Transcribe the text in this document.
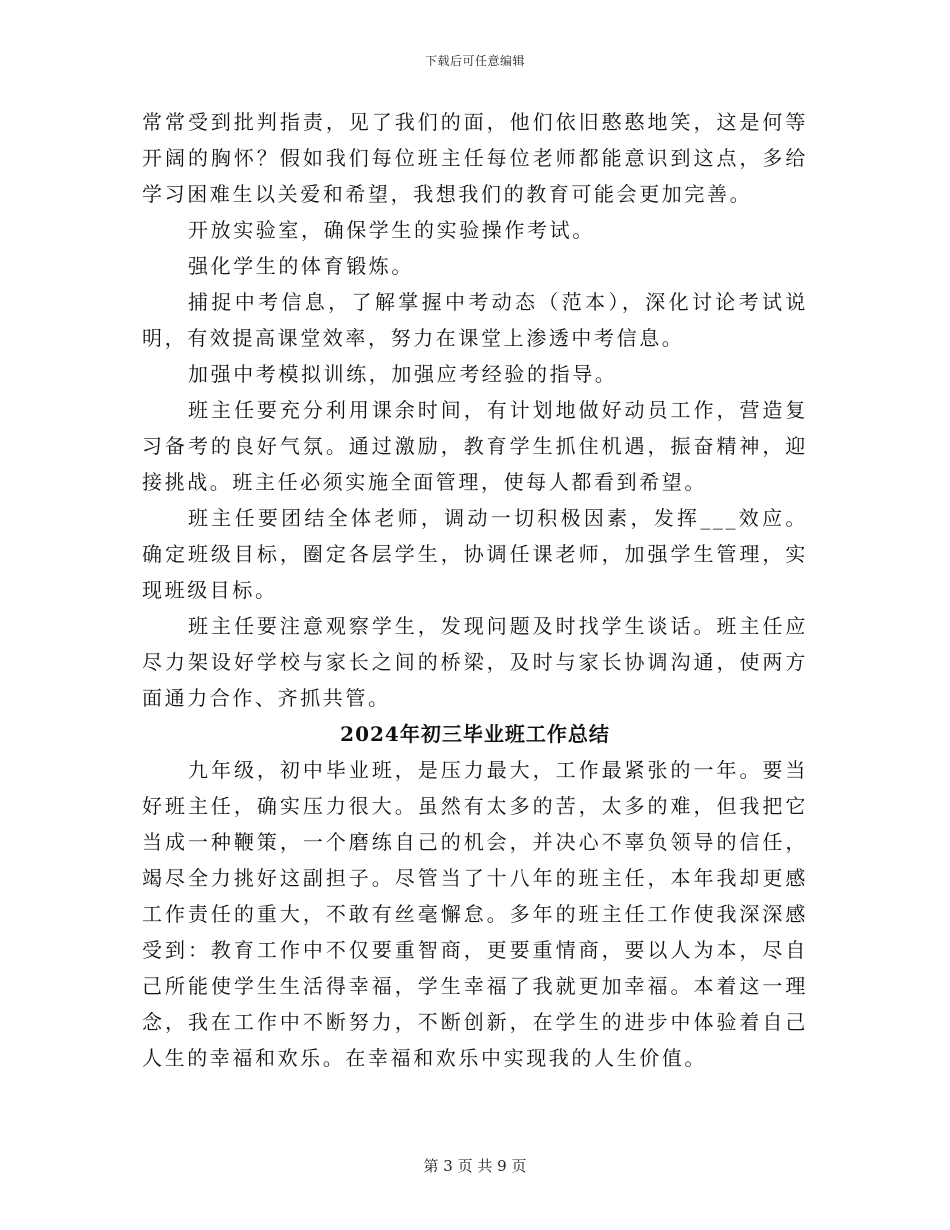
下载后可任意编辑

常常受到批判指责，见了我们的面，他们依旧憨憨地笑，这是何等开阔的胸怀？假如我们每位班主任每位老师都能意识到这点，多给学习困难生以关爱和希望，我想我们的教育可能会更加完善。

开放实验室，确保学生的实验操作考试。

强化学生的体育锻炼。

捕捉中考信息，了解掌握中考动态（范本），深化讨论考试说明，有效提高课堂效率，努力在课堂上渗透中考信息。

加强中考模拟训练，加强应考经验的指导。

班主任要充分利用课余时间，有计划地做好动员工作，营造复习备考的良好气氛。通过激励，教育学生抓住机遇，振奋精神，迎接挑战。班主任必须实施全面管理，使每人都看到希望。

班主任要团结全体老师，调动一切积极因素，发挥___效应。确定班级目标，圈定各层学生，协调任课老师，加强学生管理，实现班级目标。

班主任要注意观察学生，发现问题及时找学生谈话。班主任应尽力架设好学校与家长之间的桥梁，及时与家长协调沟通，使两方面通力合作、齐抓共管。

2024年初三毕业班工作总结

九年级，初中毕业班，是压力最大，工作最紧张的一年。要当好班主任，确实压力很大。虽然有太多的苦，太多的难，但我把它当成一种鞭策，一个磨练自己的机会，并决心不辜负领导的信任，竭尽全力挑好这副担子。尽管当了十八年的班主任，本年我却更感工作责任的重大，不敢有丝毫懈怠。多年的班主任工作使我深深感受到：教育工作中不仅要重智商，更要重情商，要以人为本，尽自己所能使学生生活得幸福，学生幸福了我就更加幸福。本着这一理念，我在工作中不断努力，不断创新，在学生的进步中体验着自己人生的幸福和欢乐。在幸福和欢乐中实现我的人生价值。

第 3 页 共 9 页
